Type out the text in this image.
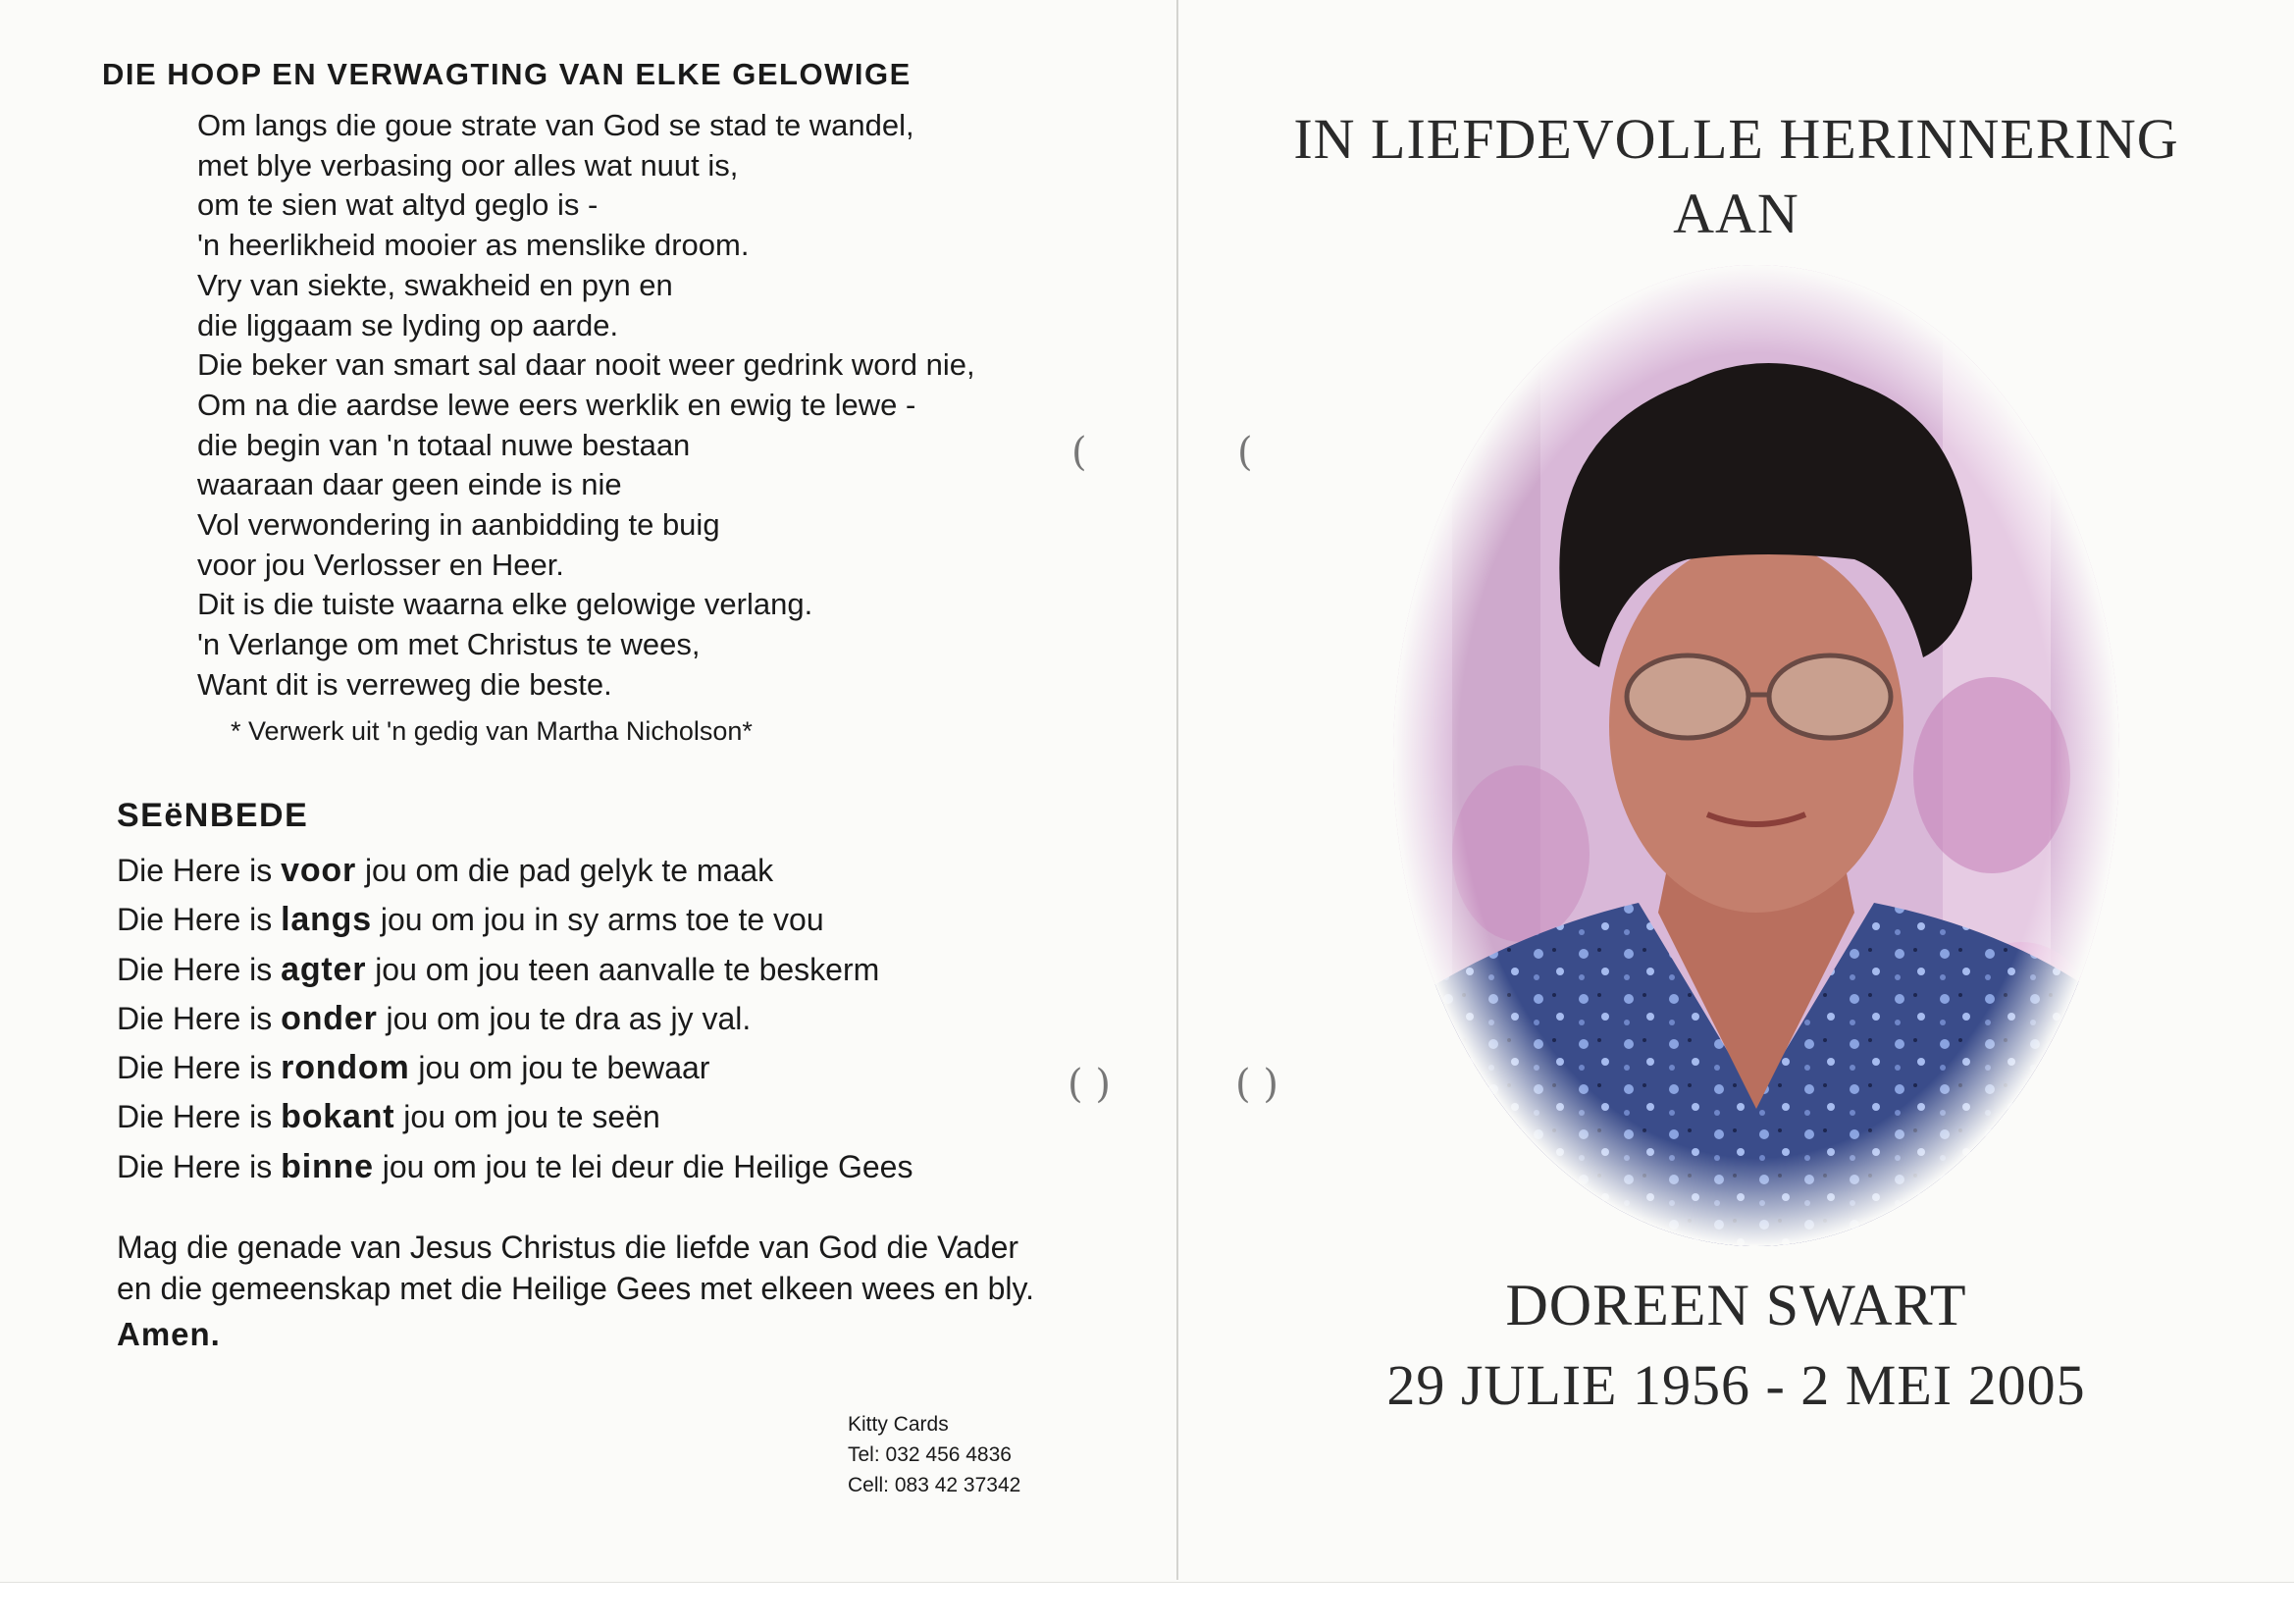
DIE HOOP EN VERWAGTING VAN ELKE GELOWIGE
Om langs die goue strate van God se stad te wandel,
met blye verbasing oor alles wat nuut is,
om te sien wat altyd geglo is -
'n heerlikheid mooier as menslike droom.
Vry van siekte, swakheid en pyn en
die liggaam se lyding op aarde.
Die beker van smart sal daar nooit weer gedrink word nie,
Om na die aardse lewe eers werklik en ewig te lewe -
die begin van 'n totaal nuwe bestaan
waaraan daar geen einde is nie
Vol verwondering in aanbidding te buig
voor jou Verlosser en Heer.
Dit is die tuiste waarna elke gelowige verlang.
'n Verlange om met Christus te wees,
Want dit is verreweg die beste.
* Verwerk uit 'n gedig van Martha Nicholson*
SEëNBEDE
Die Here is voor jou om die pad gelyk te maak
Die Here is langs jou om jou in sy arms toe te vou
Die Here is agter jou om jou teen aanvalle te beskerm
Die Here is onder jou om jou te dra as jy val.
Die Here is rondom jou om jou te bewaar
Die Here is bokant jou om jou te seën
Die Here is binne jou om jou te lei deur die Heilige Gees

Mag die genade van Jesus Christus die liefde van God die Vader
en die gemeenskap met die Heilige Gees met elkeen wees en bly.

Amen.
Kitty Cards
Tel: 032 456 4836
Cell: 083 42 37342
(
( )
IN LIEFDEVOLLE HERINNERING
AAN
(
( )
DOREEN SWART
29 JULIE 1956 - 2 MEI 2005
